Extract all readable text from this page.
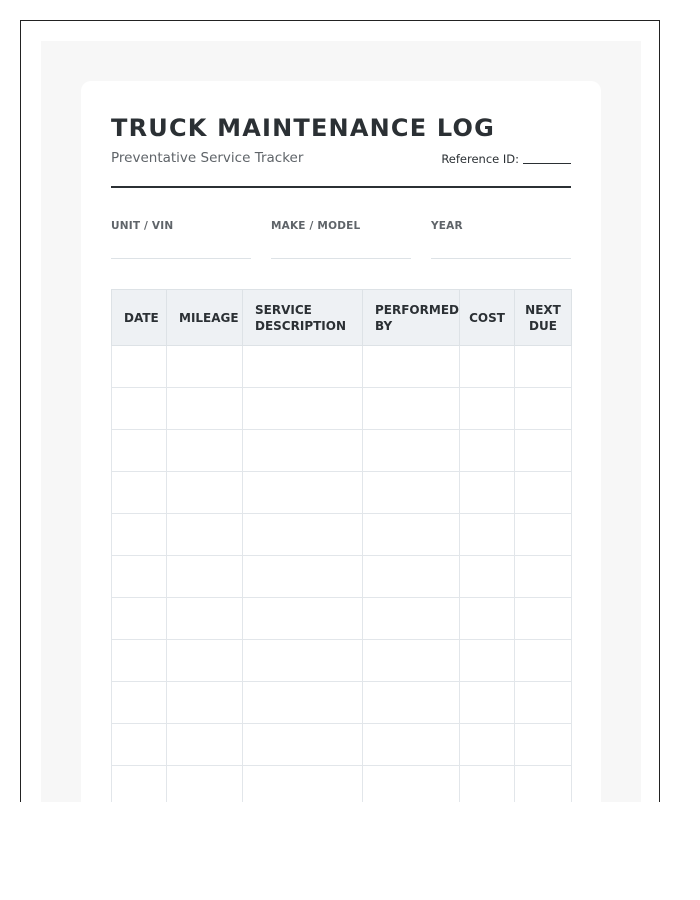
TRUCK MAINTENANCE LOG
Preventative Service Tracker	Reference ID:
UNIT / VIN	MAKE / MODEL	YEAR
DATE	MILEAGE	SERVICE DESCRIPTION	PERFORMED BY	COST	NEXT DUE
